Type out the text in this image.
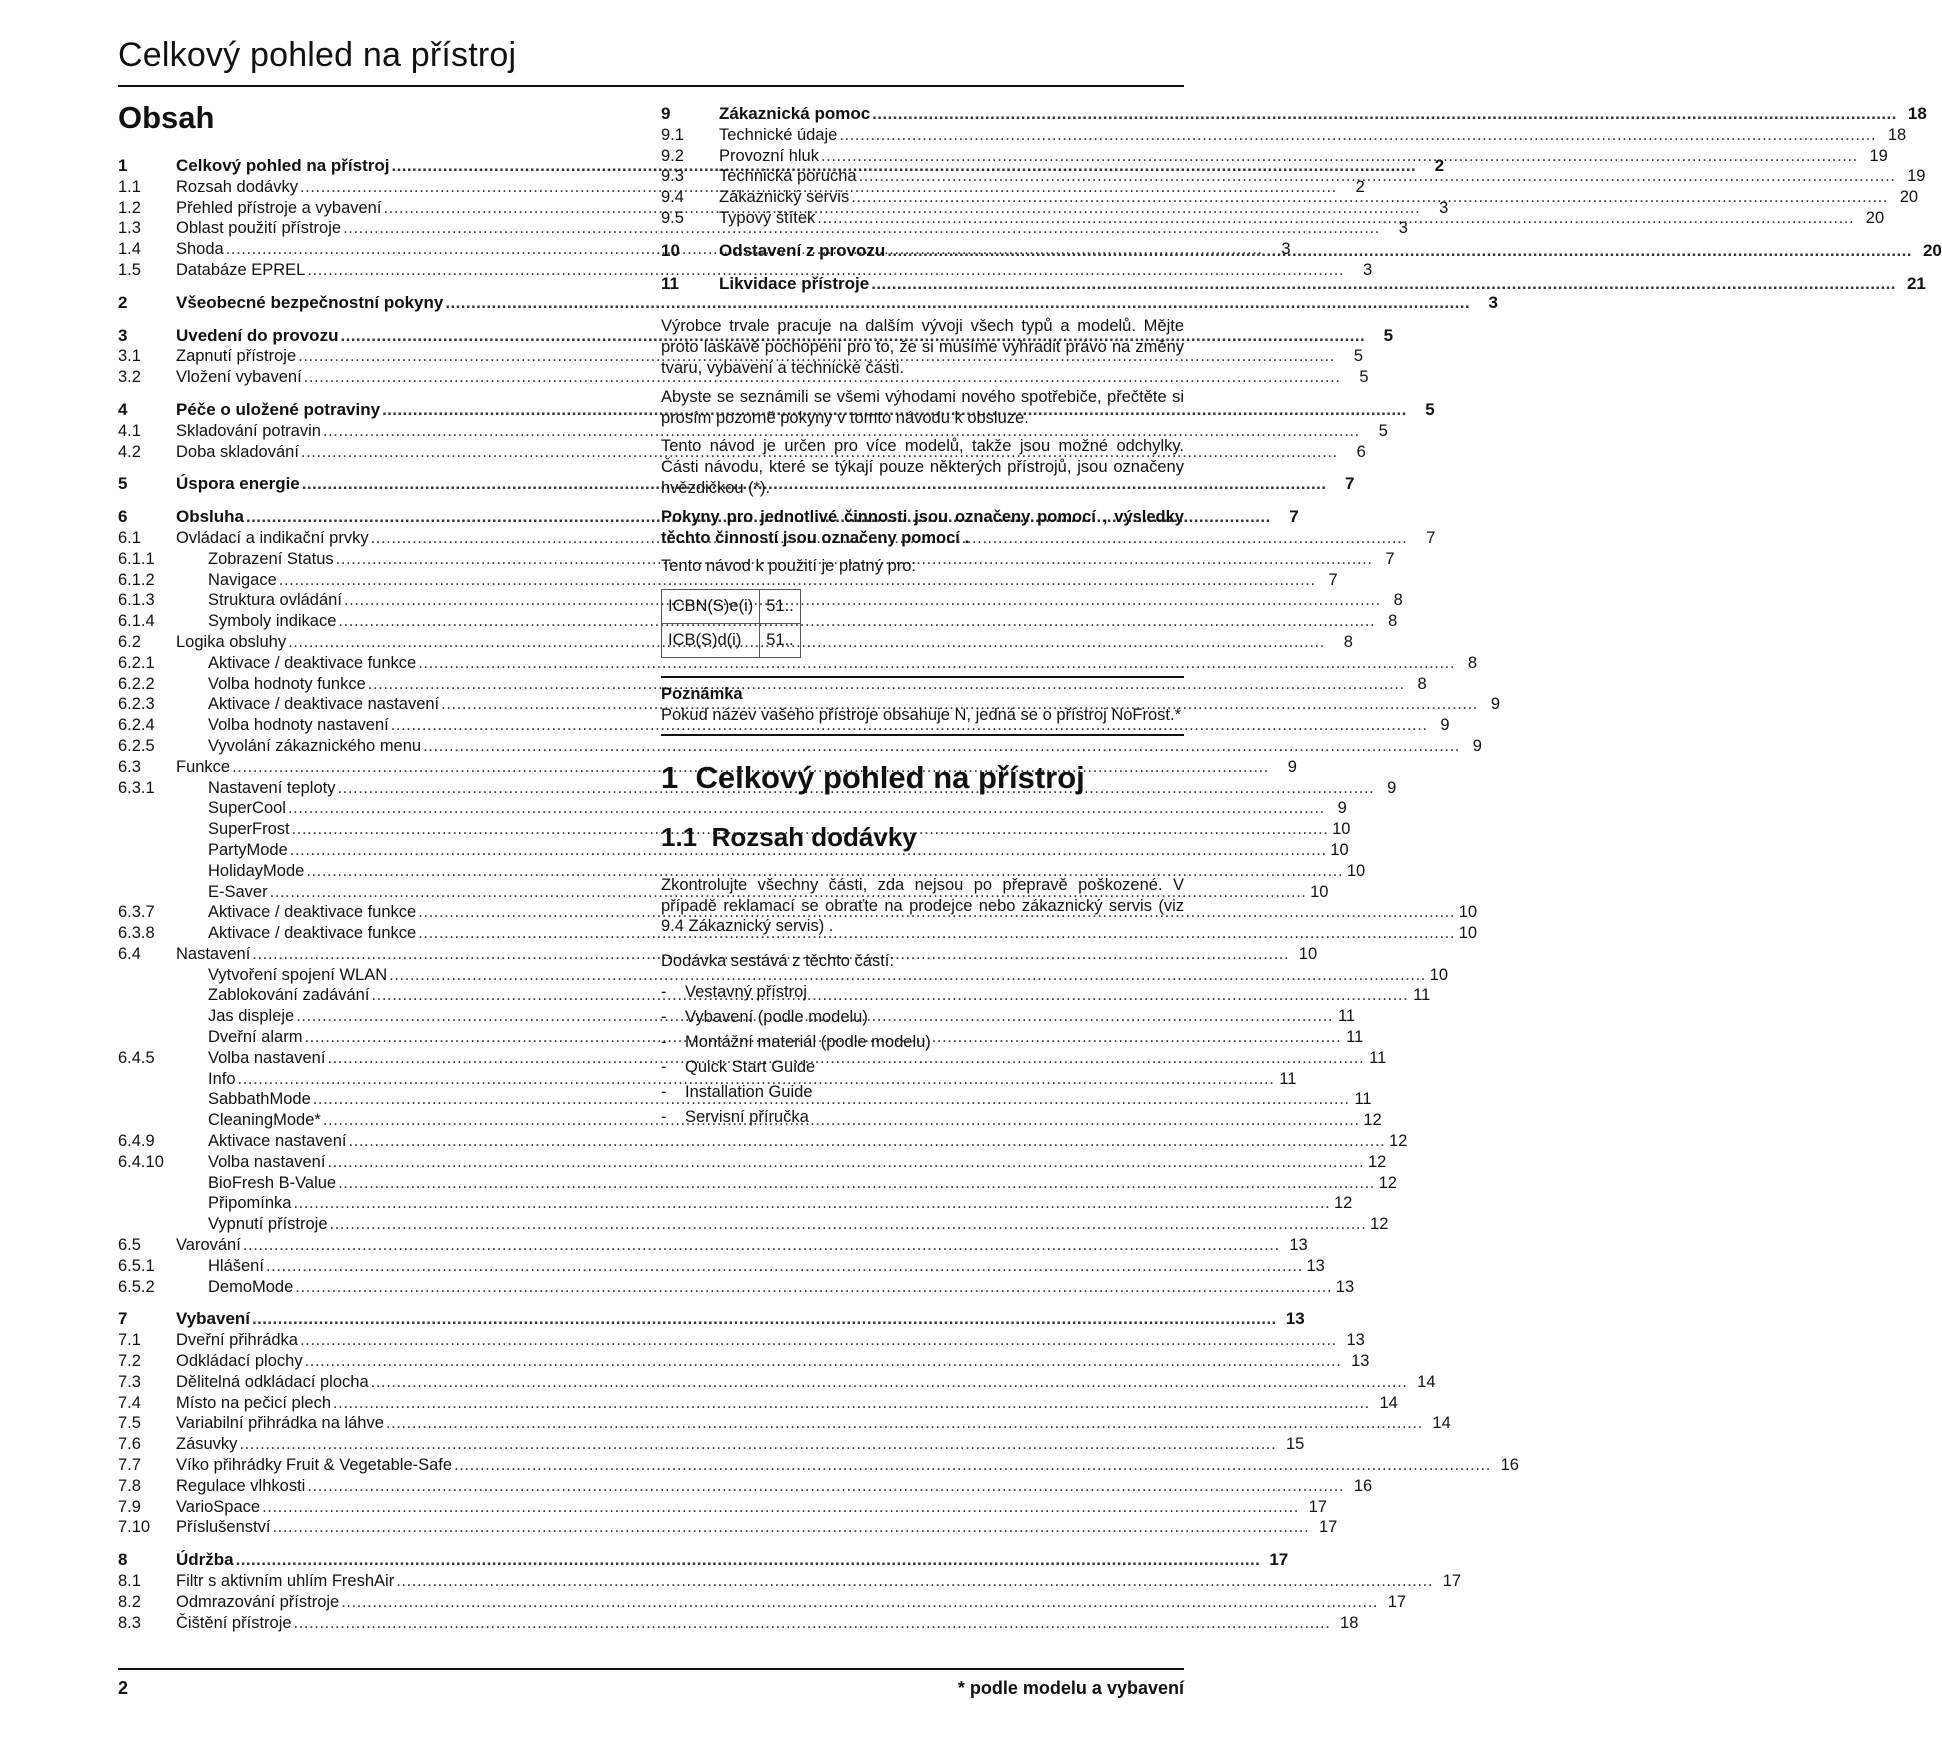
Celkový pohled na přístroj
Obsah
1	Celkový pohled na přístroj .....	2
1.1	Rozsah dodávky .....	2
1.2	Přehled přístroje a vybavení .....	3
1.3	Oblast použití přístroje .....	3
1.4	Shoda .....	3
1.5	Databáze EPREL .....	3
2	Všeobecné bezpečnostní pokyny .....	3
3	Uvedení do provozu .....	5
3.1	Zapnutí přístroje .....	5
3.2	Vložení vybavení .....	5
4	Péče o uložené potraviny .....	5
4.1	Skladování potravin .....	5
4.2	Doba skladování .....	6
5	Úspora energie .....	7
6	Obsluha .....	7
6.1	Ovládací a indikační prvky .....	7
6.1.1	Zobrazení Status .....	7
6.1.2	Navigace .....	7
6.1.3	Struktura ovládání .....	8
6.1.4	Symboly indikace .....	8
6.2	Logika obsluhy .....	8
6.2.1	Aktivace / deaktivace funkce .....	8
6.2.2	Volba hodnoty funkce .....	8
6.2.3	Aktivace / deaktivace nastavení .....	9
6.2.4	Volba hodnoty nastavení .....	9
6.2.5	Vyvolání zákaznického menu .....	9
6.3	Funkce .....	9
6.3.1	Nastavení teploty .....	9
SuperCool .....	9
SuperFrost .....	10
PartyMode .....	10
HolidayMode .....	10
E-Saver .....	10
6.3.7	Aktivace / deaktivace funkce .....	10
6.3.8	Aktivace / deaktivace funkce .....	10
6.4	Nastavení .....	10
Vytvoření spojení WLAN .....	10
Zablokování zadávání .....	11
Jas displeje .....	11
Dveřní alarm .....	11
6.4.5	Volba nastavení .....	11
Info .....	11
SabbathMode .....	11
CleaningMode* .....	12
6.4.9	Aktivace nastavení .....	12
6.4.10	Volba nastavení .....	12
BioFresh B-Value .....	12
Připomínka .....	12
Vypnutí přístroje .....	12
6.5	Varování .....	13
6.5.1	Hlášení .....	13
6.5.2	DemoMode .....	13
7	Vybavení .....	13
7.1	Dveřní přihrádka .....	13
7.2	Odkládací plochy .....	13
7.3	Dělitelná odkládací plocha .....	14
7.4	Místo na pečicí plech .....	14
7.5	Variabilní přihrádka na láhve .....	14
7.6	Zásuvky .....	15
7.7	Víko přihrádky Fruit & Vegetable-Safe .....	16
7.8	Regulace vlhkosti .....	16
7.9	VarioSpace .....	17
7.10	Příslušenství .....	17
8	Údržba .....	17
8.1	Filtr s aktivním uhlím FreshAir .....	17
8.2	Odmrazování přístroje .....	17
8.3	Čištění přístroje .....	18
9	Zákaznická pomoc .....	18
9.1	Technické údaje .....	18
9.2	Provozní hluk .....	19
9.3	Technická porucha .....	19
9.4	Zákaznický servis .....	20
9.5	Typový štítek .....	20
10	Odstavení z provozu .....	20
11	Likvidace přístroje .....	21

Výrobce trvale pracuje na dalším vývoji všech typů a modelů. Mějte proto laskavě pochopení pro to, že si musíme vyhradit právo na změny tvaru, vybavení a technické části.

Abyste se seznámili se všemi výhodami nového spotřebiče, přečtěte si prosím pozorně pokyny v tomto návodu k obsluze.

Tento návod je určen pro více modelů, takže jsou možné odchylky. Části návodu, které se týkají pouze některých přístrojů, jsou označeny hvězdičkou (*).

Pokyny pro jednotlivé činnosti jsou označeny pomocí , výsledky těchto činností jsou označeny pomocí .

Tento návod k použití je platný pro:

ICBN(S)e(i)	51..
ICB(S)d(i)	51..
Poznámka
Pokud název vašeho přístroje obsahuje N, jedná se o přístroj NoFrost.*
1  Celkový pohled na přístroj
1.1  Rozsah dodávky

Zkontrolujte všechny části, zda nejsou po přepravě poškozené. V případě reklamací se obraťte na prodejce nebo zákaznický servis (viz 9.4 Zákaznický servis) .

Dodávka sestává z těchto částí:

-	Vestavný přístroj
-	Vybavení (podle modelu)
-	Montážní materiál (podle modelu)
-	Quick Start Guide
-	Installation Guide
-	Servisní příručka
2	* podle modelu a vybavení
